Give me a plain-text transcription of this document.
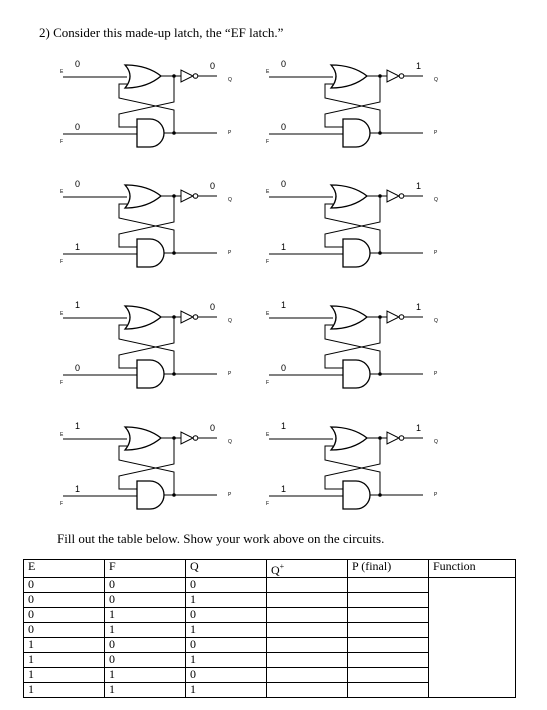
2) Consider this made-up latch, the “EF latch.”
E
F
Q
P
0
0
0
E
F
Q
P
0
0
1
E
F
Q
P
0
1
0
E
F
Q
P
0
1
1
E
F
Q
P
1
0
0
E
F
Q
P
1
0
1
E
F
Q
P
1
1
0
E
F
Q
P
1
1
1
Fill out the table below. Show your work above on the circuits.
E	F	Q	Q+	P (final)	Function
0	0	0			
0	0	1			
0	1	0			
0	1	1			
1	0	0			
1	0	1			
1	1	0			
1	1	1			
